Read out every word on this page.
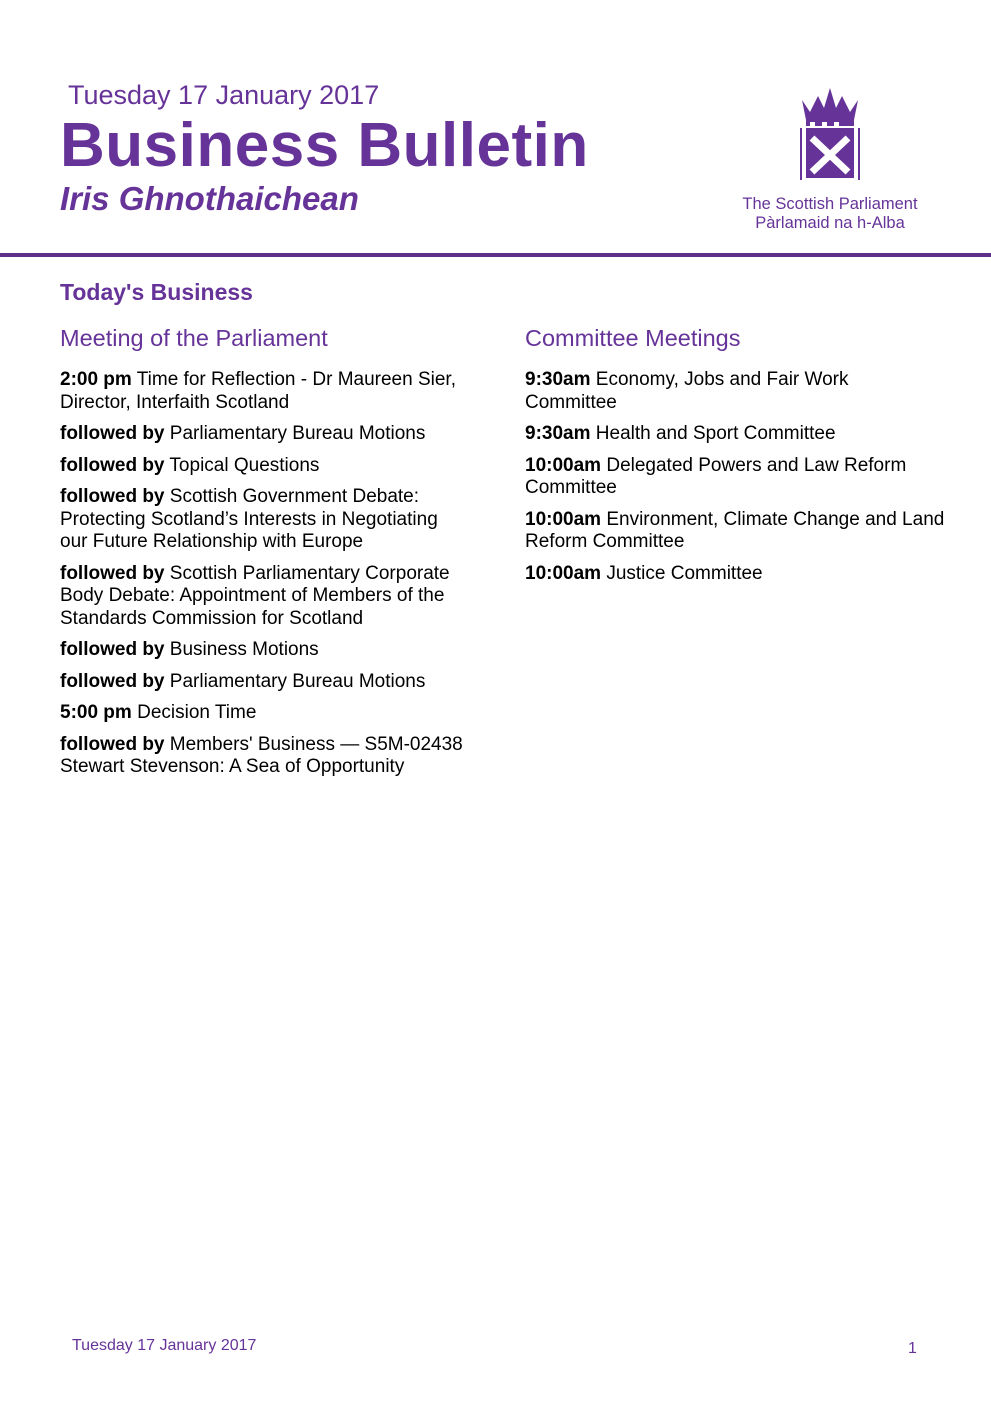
Tuesday 17 January 2017
Business Bulletin
Iris Ghnothaichean	The Scottish Parliament
Pàrlamaid na h-Alba
Today's Business
Meeting of the Parliament
2:00 pm Time for Reflection - Dr Maureen Sier, Director, Interfaith Scotland
followed by Parliamentary Bureau Motions
followed by Topical Questions
followed by Scottish Government Debate: Protecting Scotland’s Interests in Negotiating our Future Relationship with Europe
followed by Scottish Parliamentary Corporate Body Debate: Appointment of Members of the Standards Commission for Scotland
followed by Business Motions
followed by Parliamentary Bureau Motions
5:00 pm Decision Time
followed by Members' Business — S5M-02438 Stewart Stevenson: A Sea of Opportunity
Committee Meetings
9:30am Economy, Jobs and Fair Work Committee
9:30am Health and Sport Committee
10:00am Delegated Powers and Law Reform Committee
10:00am Environment, Climate Change and Land Reform Committee
10:00am Justice Committee
Tuesday 17 January 2017	1
